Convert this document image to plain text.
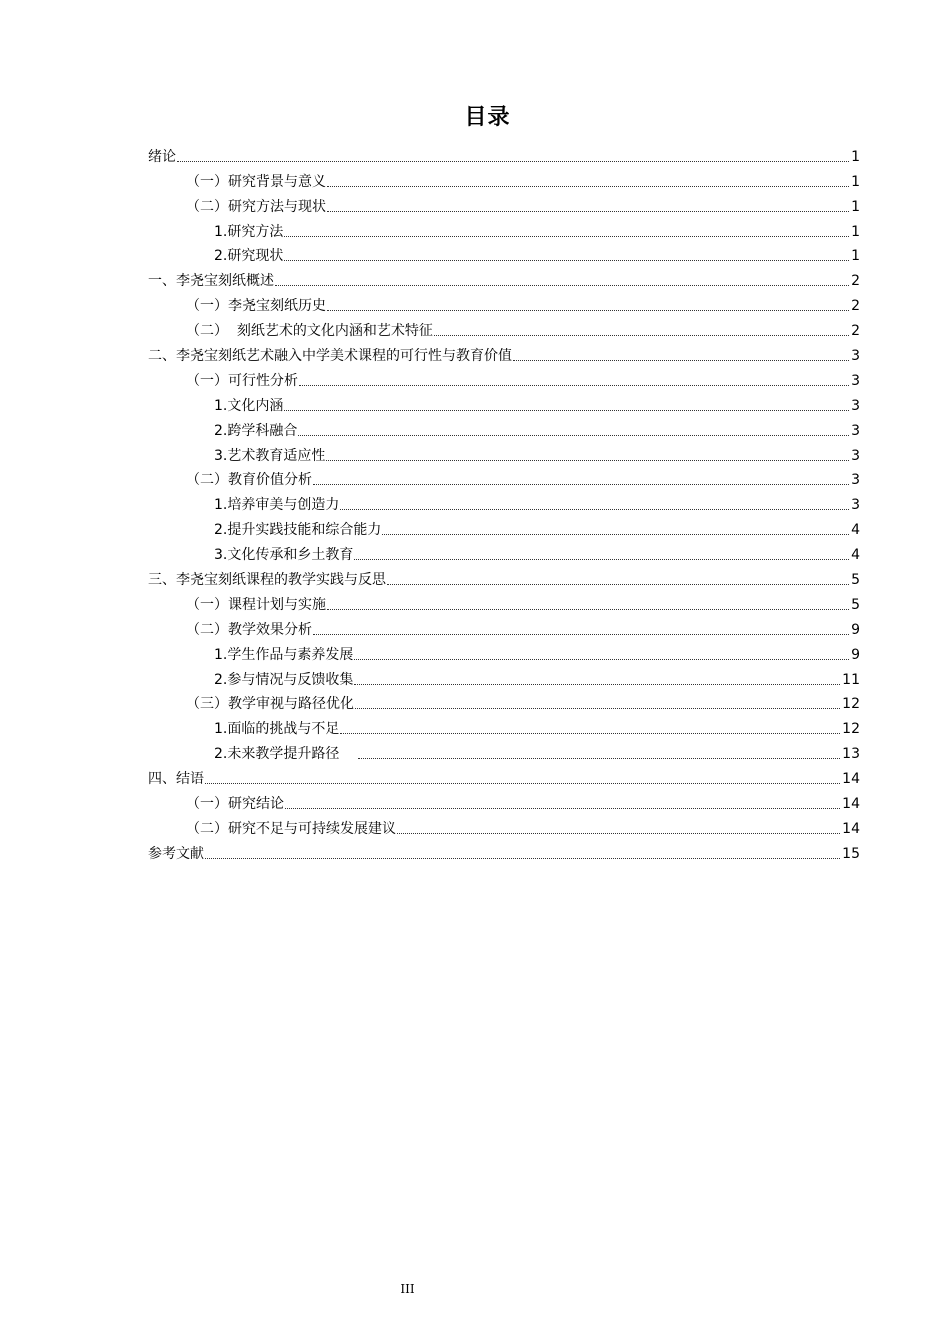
目录
绪论	1
（一）研究背景与意义	1
（二）研究方法与现状	1
1.研究方法	1
2.研究现状	1
一、李尧宝刻纸概述	2
（一）李尧宝刻纸历史	2
（二）  刻纸艺术的文化内涵和艺术特征	2
二、李尧宝刻纸艺术融入中学美术课程的可行性与教育价值	3
（一）可行性分析	3
1.文化内涵	3
2.跨学科融合	3
3.艺术教育适应性	3
（二）教育价值分析	3
1.培养审美与创造力	3
2.提升实践技能和综合能力	4
3.文化传承和乡土教育	4
三、李尧宝刻纸课程的教学实践与反思	5
（一）课程计划与实施	5
（二）教学效果分析	9
1.学生作品与素养发展	9
2.参与情况与反馈收集	11
（三）教学审视与路径优化	12
1.面临的挑战与不足	12
2.未来教学提升路径	13
四、结语	14
（一）研究结论	14
（二）研究不足与可持续发展建议	14
参考文献	15
III
